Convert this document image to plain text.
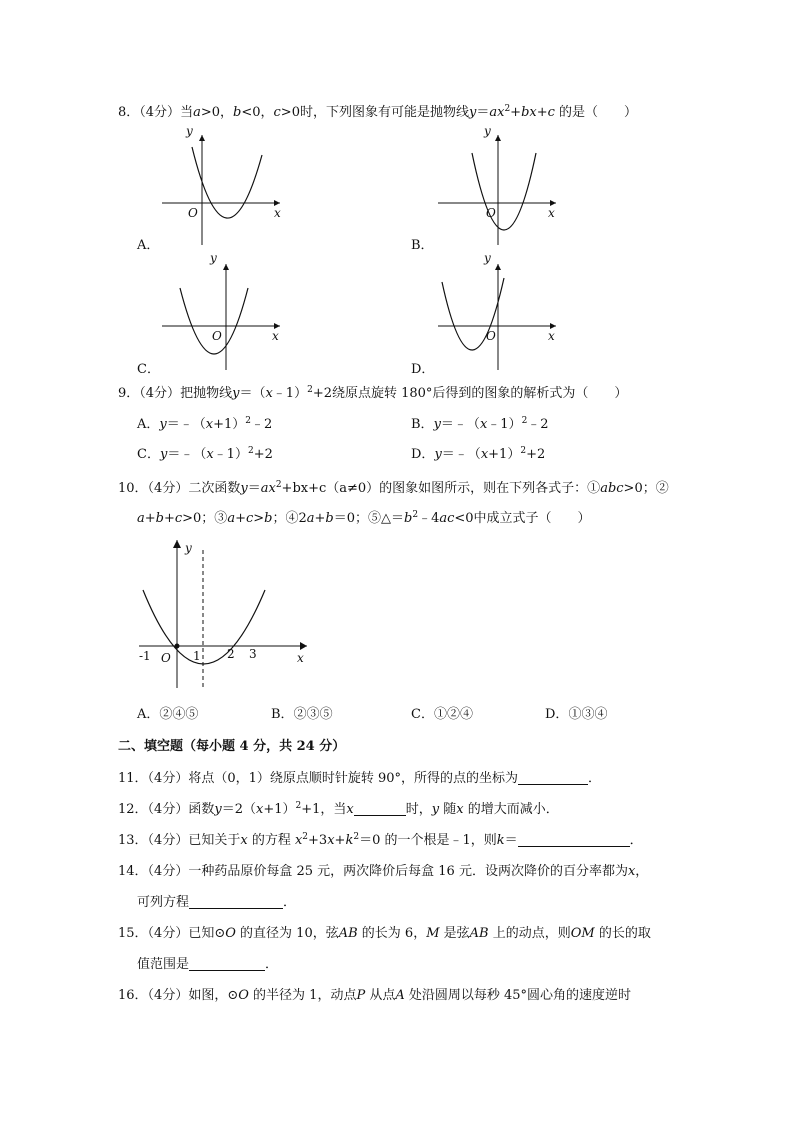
8．（4分）当a>0，b<0，c>0时，下列图象有可能是抛物线$y=ax^2+bx+c$ 的是（　　）
y
x
O
A．
y
x
O
B．
y
x
O
C．
y
x
O
D．
9．（4分）把抛物线y＝（x﹣1）$^2$+2绕原点旋转 180°后得到的图象的解析式为（　　）
A．$y=﹣(x+1)^2﹣2$	B．y＝﹣（x﹣1）$^2$﹣2
C．y＝﹣（x﹣1）$^2$+2	D．$y=﹣(x+1)^2+2$
10．（4分）二次函数$y=ax^2+bx+c(a\ne 0)$的图象如图所示，则在下列各式子：①abc>0；②
a+b+c>0；③a+c>b；④2a+b＝0；$⑤\triangle=b^2﹣4ac<0$中成立式子（　　）
y
x
O
-1	1 2 3
A．②④⑤	B．②③⑤	C．①②④	D．①③④
二、填空题（每小题 4 分，共 24 分）
11．（4分）将点（0，1）绕原点顺时针旋转 90°，所得的点的坐标为	．
12．（4分）函数$y=2(x+1)^2+1$，当x	时，y 随x 的增大而减小．
13．（4分）已知关于x 的方程 $x^2+3x+k^2=0$ 的一个根是﹣1，则k＝	．
14．（4分）一种药品原价每盒 25 元，两次降价后每盒 16 元．设两次降价的百分率都为x，
可列方程	．
15．（4分）已知⊙O 的直径为 10，弦AB 的长为 6，M 是弦AB 上的动点，则OM 的长的取
值范围是	．
16．（4分）如图，⊙O 的半径为 1，动点P 从点A 处沿圆周以每秒 45°圆心角的速度逆时
